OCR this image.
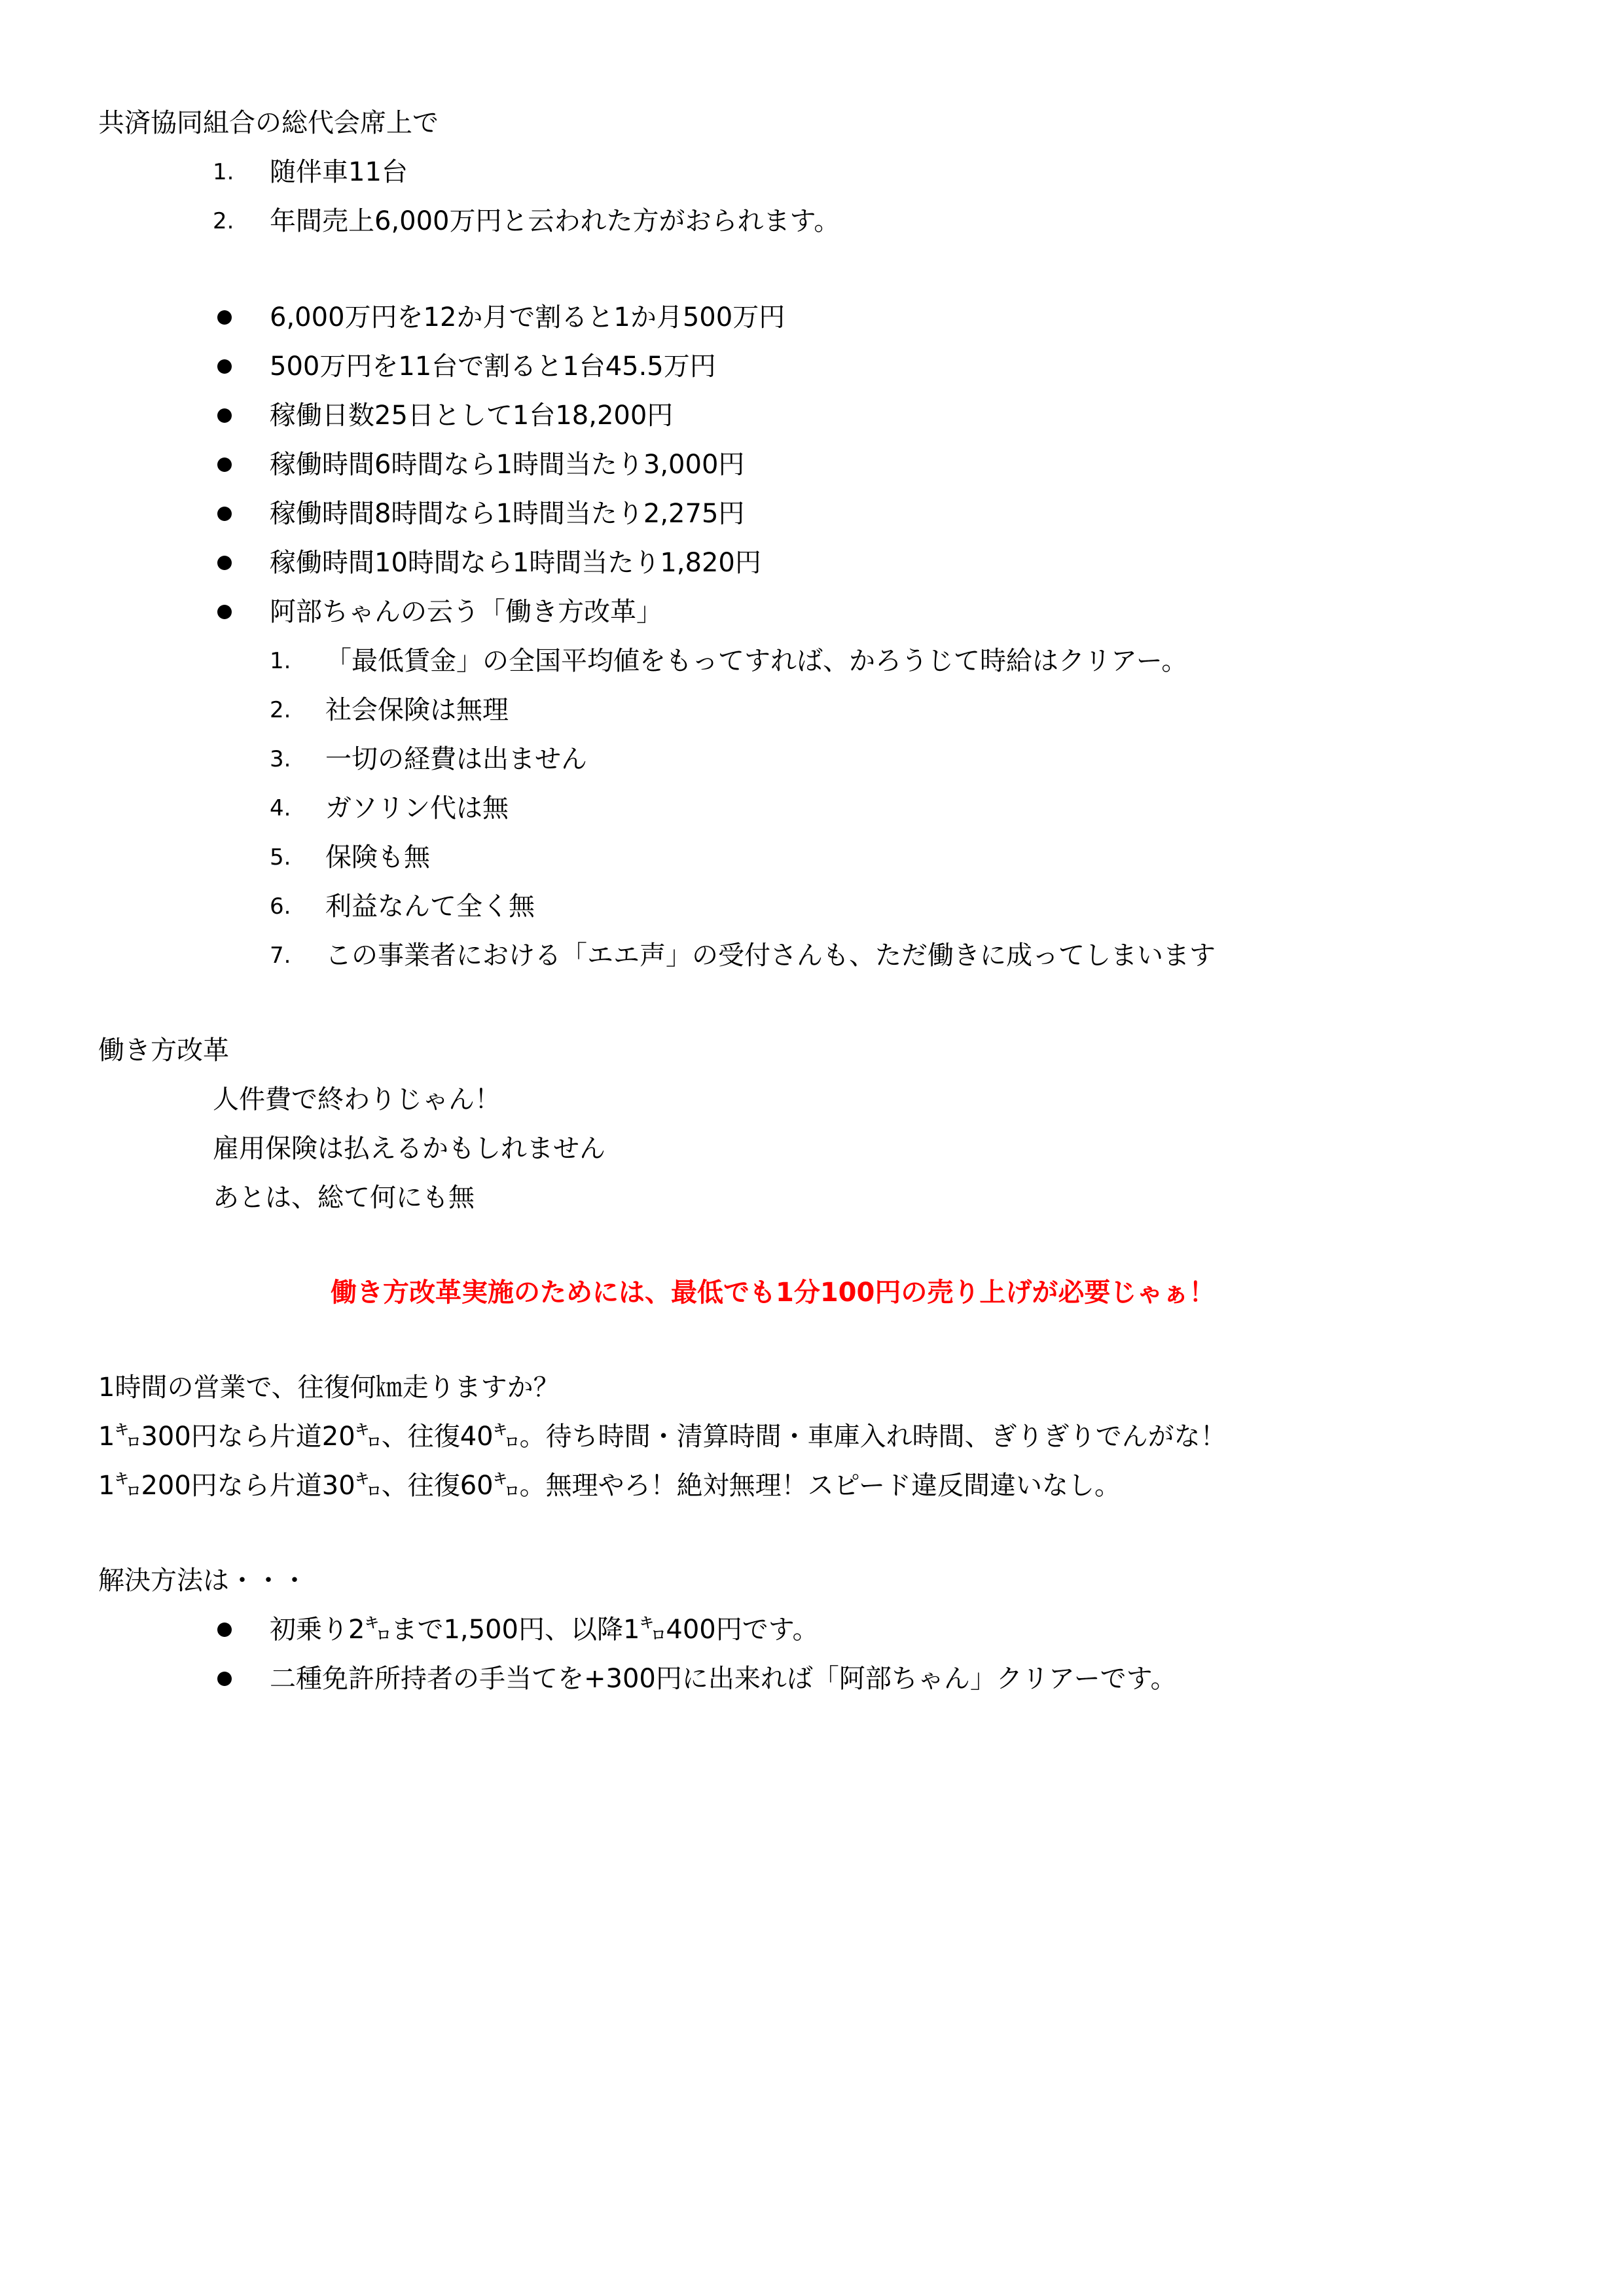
共済協同組合の総代会席上で
1. 随伴車11台
2. 年間売上6,000万円と云われた方がおられます。
6,000万円を12か月で割ると1か月500万円
500万円を11台で割ると1台45.5万円
稼働日数25日として1台18,200円
稼働時間6時間なら1時間当たり3,000円
稼働時間8時間なら1時間当たり2,275円
稼働時間10時間なら1時間当たり1,820円
阿部ちゃんの云う「働き方改革」
1. 「最低賃金」の全国平均値をもってすれば、かろうじて時給はクリアー。
2. 社会保険は無理
3. 一切の経費は出ません
4. ガソリン代は無
5. 保険も無
6. 利益なんて全く無
7. この事業者における「エエ声」の受付さんも、ただ働きに成ってしまいます
働き方改革
人件費で終わりじゃん！
雇用保険は払えるかもしれません
あとは、総て何にも無
働き方改革実施のためには、最低でも1分100円の売り上げが必要じゃぁ！
1時間の営業で、往復何㎞走りますか？
1㌔300円なら片道20㌔、往復40㌔。待ち時間・清算時間・車庫入れ時間、ぎりぎりでんがな！
1㌔200円なら片道30㌔、往復60㌔。無理やろ！絶対無理！スピード違反間違いなし。
解決方法は・・・
初乗り2㌔まで1,500円、以降1㌔400円です。
二種免許所持者の手当てを+300円に出来れば「阿部ちゃん」クリアーです。
